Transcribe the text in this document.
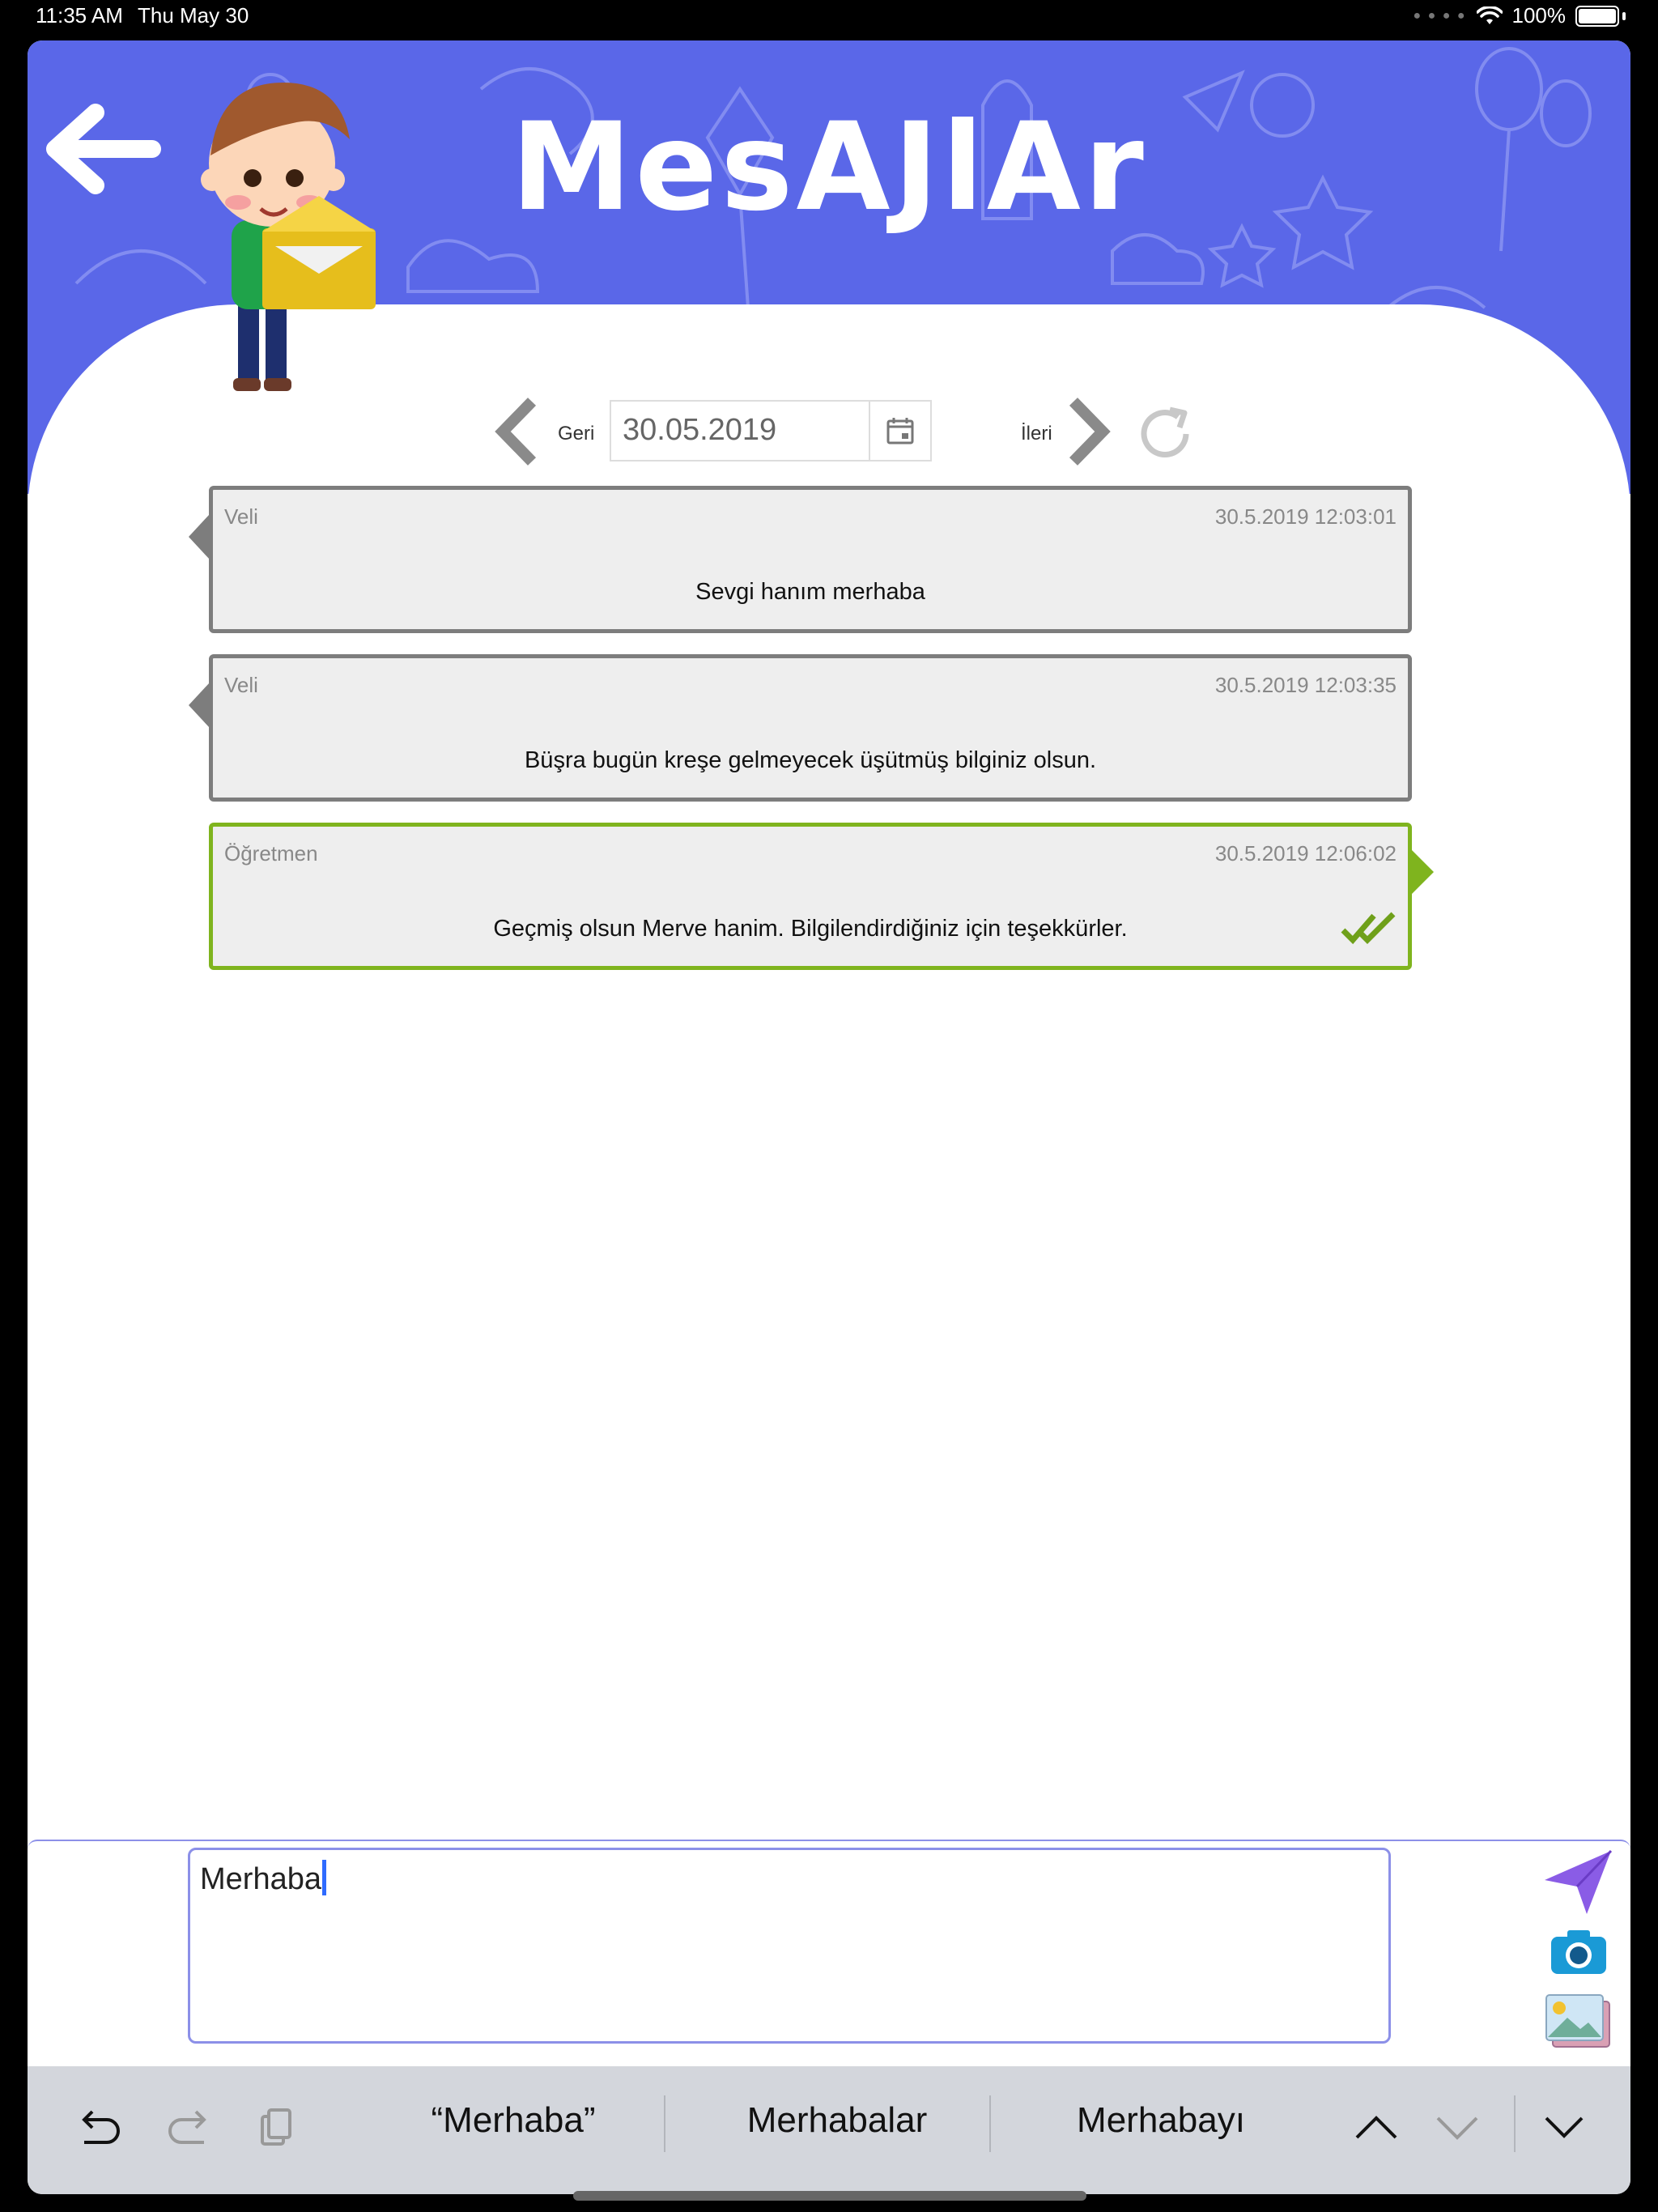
11:35 AM Thu May 30	● ● ● ● 100%
MesAJlAr
Geri 30.05.2019	İleri
Veli	30.5.2019 12:03:01
Sevgi hanım merhaba
Veli	30.5.2019 12:03:35
Büşra bugün kreşe gelmeyecek üşütmüş bilginiz olsun.
Öğretmen	30.5.2019 12:06:02
Geçmiş olsun Merve hanim. Bilgilendirdiğiniz için teşekkürler.
Merhaba
“Merhaba”	Merhabalar	Merhabayı
